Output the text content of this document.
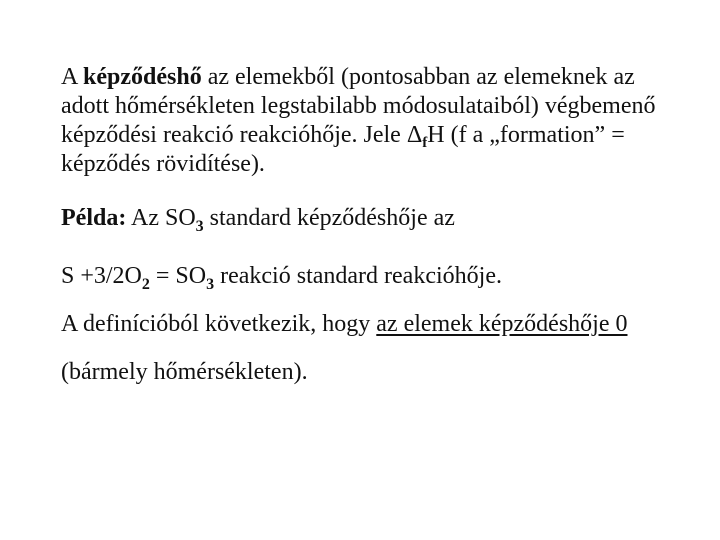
A képződéshő az elemekből (pontosabban az elemeknek az adott hőmérsékleten legstabilabb módosulataiból) végbemenő képződési reakció reakcióhője. Jele $\Delta_fH$ (f a „formation” = képződés rövidítése).

Példa: Az $SO_3$ standard képződéshője az

$S +3/2O_2 = SO_3$ reakció standard reakcióhője.

A definícióból következik, hogy az elemek képződéshője 0

(bármely hőmérsékleten).
